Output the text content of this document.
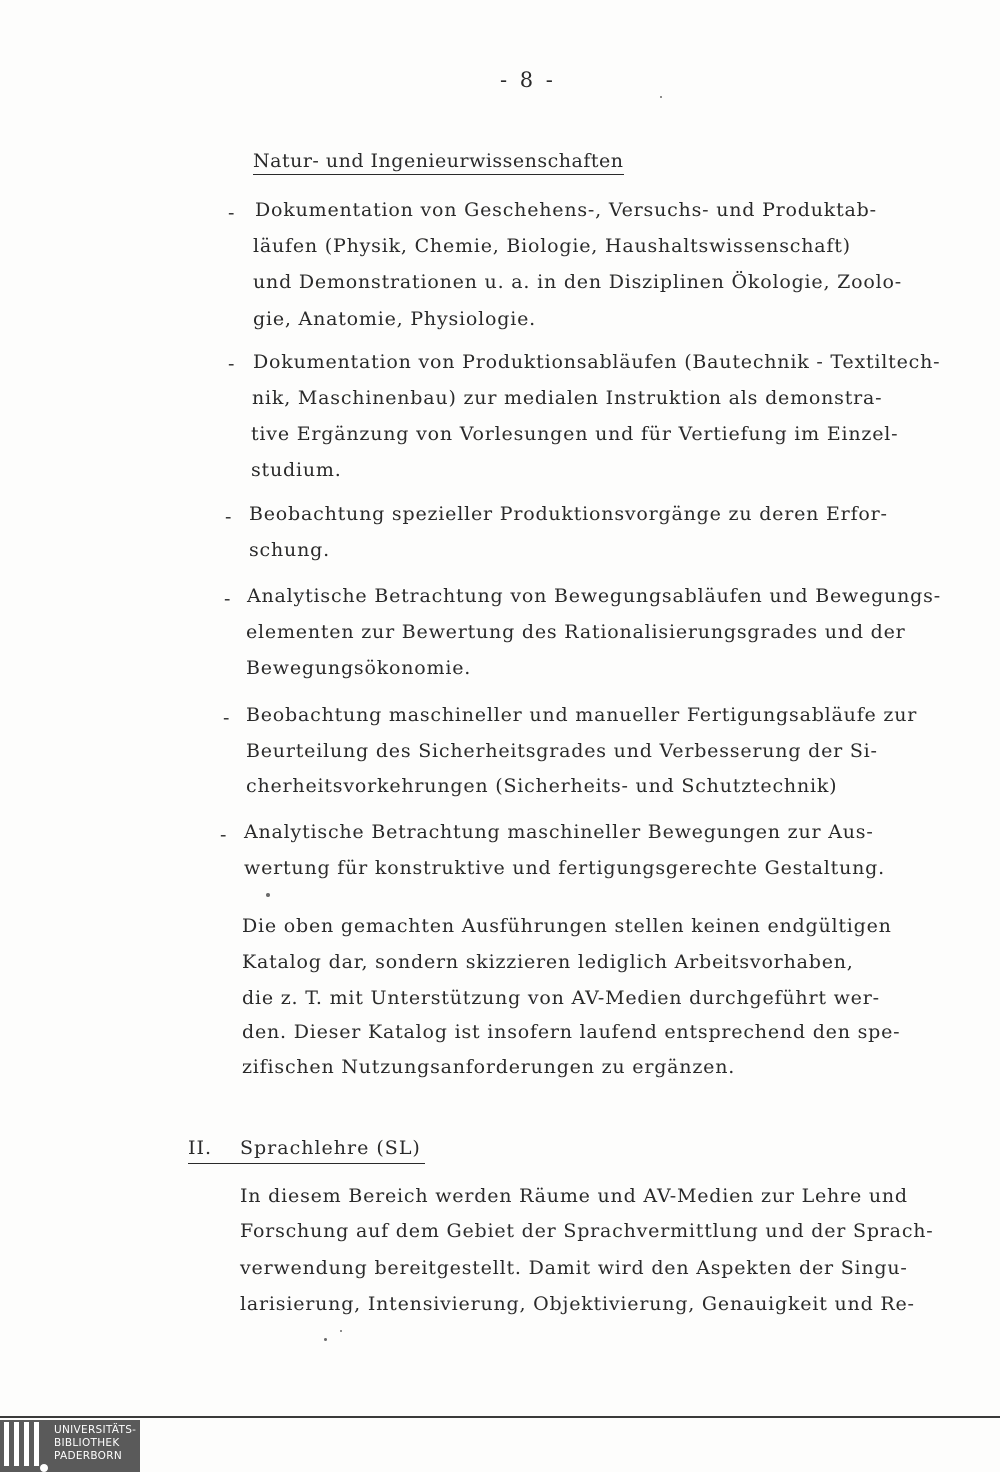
- 8 -
Natur- und Ingenieurwissenschaften
- Dokumentation von Geschehens-, Versuchs- und Produktab-
läufen (Physik, Chemie, Biologie, Haushaltswissenschaft)
und Demonstrationen u. a. in den Disziplinen Ökologie, Zoolo-
gie, Anatomie, Physiologie.
- Dokumentation von Produktionsabläufen (Bautechnik - Textiltech-
nik, Maschinenbau) zur medialen Instruktion als demonstra-
tive Ergänzung von Vorlesungen und für Vertiefung im Einzel-
studium.
- Beobachtung spezieller Produktionsvorgänge zu deren Erfor-
schung.
- Analytische Betrachtung von Bewegungsabläufen und Bewegungs-
elementen zur Bewertung des Rationalisierungsgrades und der
Bewegungsökonomie.
- Beobachtung maschineller und manueller Fertigungsabläufe zur
Beurteilung des Sicherheitsgrades und Verbesserung der Si-
cherheitsvorkehrungen (Sicherheits- und Schutztechnik)
- Analytische Betrachtung maschineller Bewegungen zur Aus-
wertung für konstruktive und fertigungsgerechte Gestaltung.
Die oben gemachten Ausführungen stellen keinen endgültigen
Katalog dar, sondern skizzieren lediglich Arbeitsvorhaben,
die z. T. mit Unterstützung von AV-Medien durchgeführt wer-
den. Dieser Katalog ist insofern laufend entsprechend den spe-
zifischen Nutzungsanforderungen zu ergänzen.
II. Sprachlehre (SL)
In diesem Bereich werden Räume und AV-Medien zur Lehre und
Forschung auf dem Gebiet der Sprachvermittlung und der Sprach-
verwendung bereitgestellt. Damit wird den Aspekten der Singu-
larisierung, Intensivierung, Objektivierung, Genauigkeit und Re-
UNIVERSITÄTS-
BIBLIOTHEK
PADERBORN
